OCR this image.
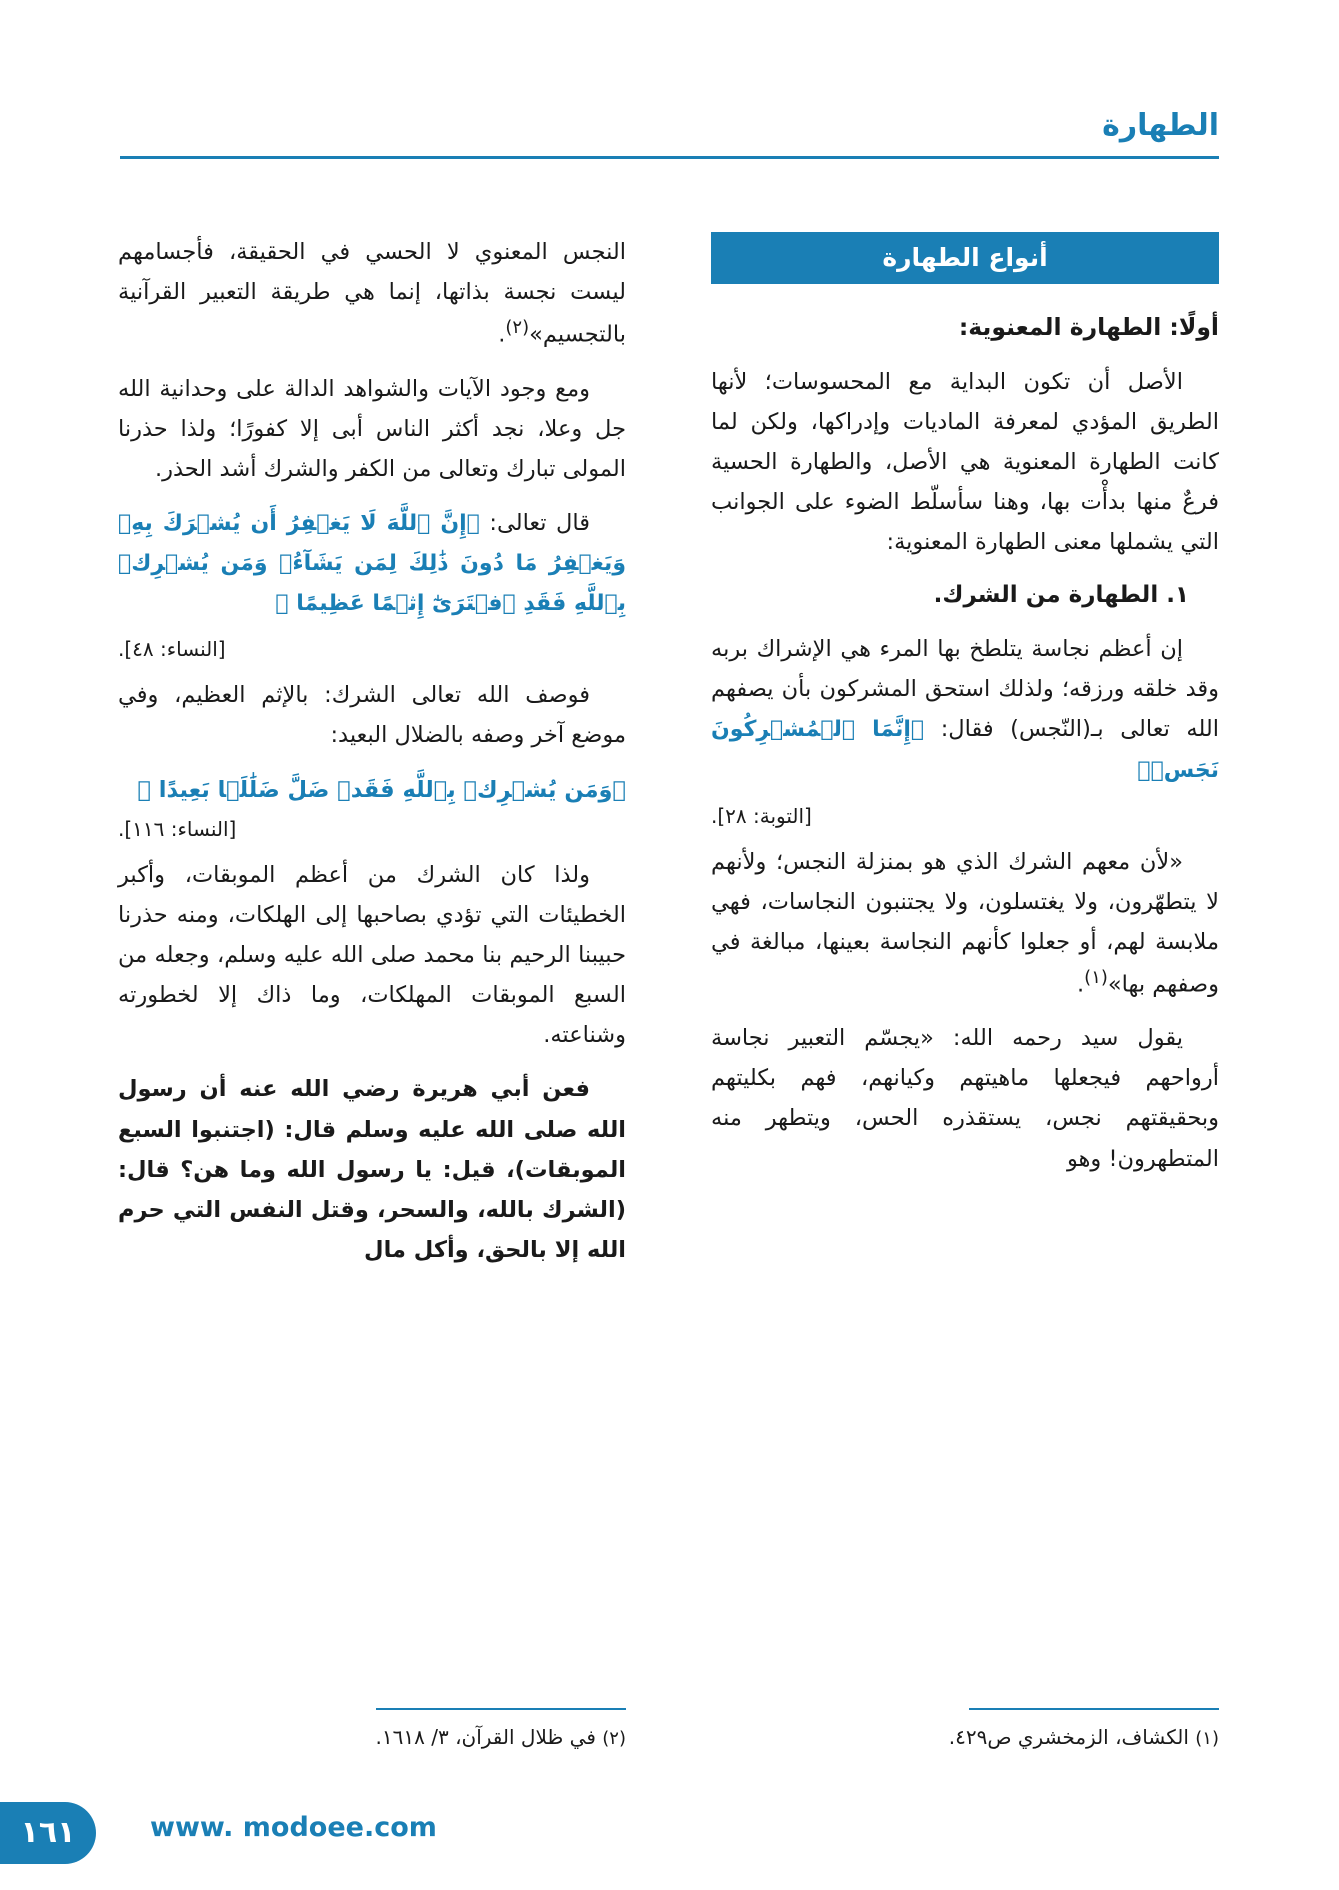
الطهارة
أنواع الطهارة

أولًا: الطهارة المعنوية:

الأصل أن تكون البداية مع المحسوسات؛ لأنها الطريق المؤدي لمعرفة الماديات وإدراكها، ولكن لما كانت الطهارة المعنوية هي الأصل، والطهارة الحسية فرعٌ منها بدأْت بها، وهنا سأسلّط الضوء على الجوانب التي يشملها معنى الطهارة المعنوية:

١. الطهارة من الشرك.

إن أعظم نجاسة يتلطخ بها المرء هي الإشراك بربه وقد خلقه ورزقه؛ ولذلك استحق المشركون بأن يصفهم الله تعالى بـ(النّجس) فقال: ﴿إِنَّمَا ٱلۡمُشۡرِكُونَ نَجَسٞ﴾

[التوبة: ٢٨].

«لأن معهم الشرك الذي هو بمنزلة النجس؛ ولأنهم لا يتطهّرون، ولا يغتسلون، ولا يجتنبون النجاسات، فهي ملابسة لهم، أو جعلوا كأنهم النجاسة بعينها، مبالغة في وصفهم بها»$^{(١)}$.

يقول سيد رحمه الله: «يجسّم التعبير نجاسة أرواحهم فيجعلها ماهيتهم وكيانهم، فهم بكليتهم وبحقيقتهم نجس، يستقذره الحس، ويتطهر منه المتطهرون! وهو

النجس المعنوي لا الحسي في الحقيقة، فأجسامهم ليست نجسة بذاتها، إنما هي طريقة التعبير القرآنية بالتجسيم»$^{(٢)}$.

ومع وجود الآيات والشواهد الدالة على وحدانية الله جل وعلا، نجد أكثر الناس أبى إلا كفورًا؛ ولذا حذرنا المولى تبارك وتعالى من الكفر والشرك أشد الحذر.

قال تعالى: ﴿إِنَّ ٱللَّهَ لَا يَغۡفِرُ أَن يُشۡرَكَ بِهِۦ وَيَغۡفِرُ مَا دُونَ ذَٰلِكَ لِمَن يَشَآءُۚ وَمَن يُشۡرِكۡ بِٱللَّهِ فَقَدِ ٱفۡتَرَىٰٓ إِثۡمًا عَظِيمًا ﴾

[النساء: ٤٨].

فوصف الله تعالى الشرك: بالإثم العظيم، وفي موضع آخر وصفه بالضلال البعيد:

﴿وَمَن يُشۡرِكۡ بِٱللَّهِ فَقَدۡ ضَلَّ ضَلَٰلَۢا بَعِيدًا ﴾

[النساء: ١١٦].

ولذا كان الشرك من أعظم الموبقات، وأكبر الخطيئات التي تؤدي بصاحبها إلى الهلكات، ومنه حذرنا حبيبنا الرحيم بنا محمد صلى الله عليه وسلم، وجعله من السبع الموبقات المهلكات، وما ذاك إلا لخطورته وشناعته.

فعن أبي هريرة رضي الله عنه أن رسول الله صلى الله عليه وسلم قال: (اجتنبوا السبع الموبقات)، قيل: يا رسول الله وما هن؟ قال: (الشرك بالله، والسحر، وقتل النفس التي حرم الله إلا بالحق، وأكل مال

(١) الكشاف، الزمخشري ص٤٢٩.

(٢) في ظلال القرآن، ٣/ ١٦١٨.

١٦١	www. modoee.com
